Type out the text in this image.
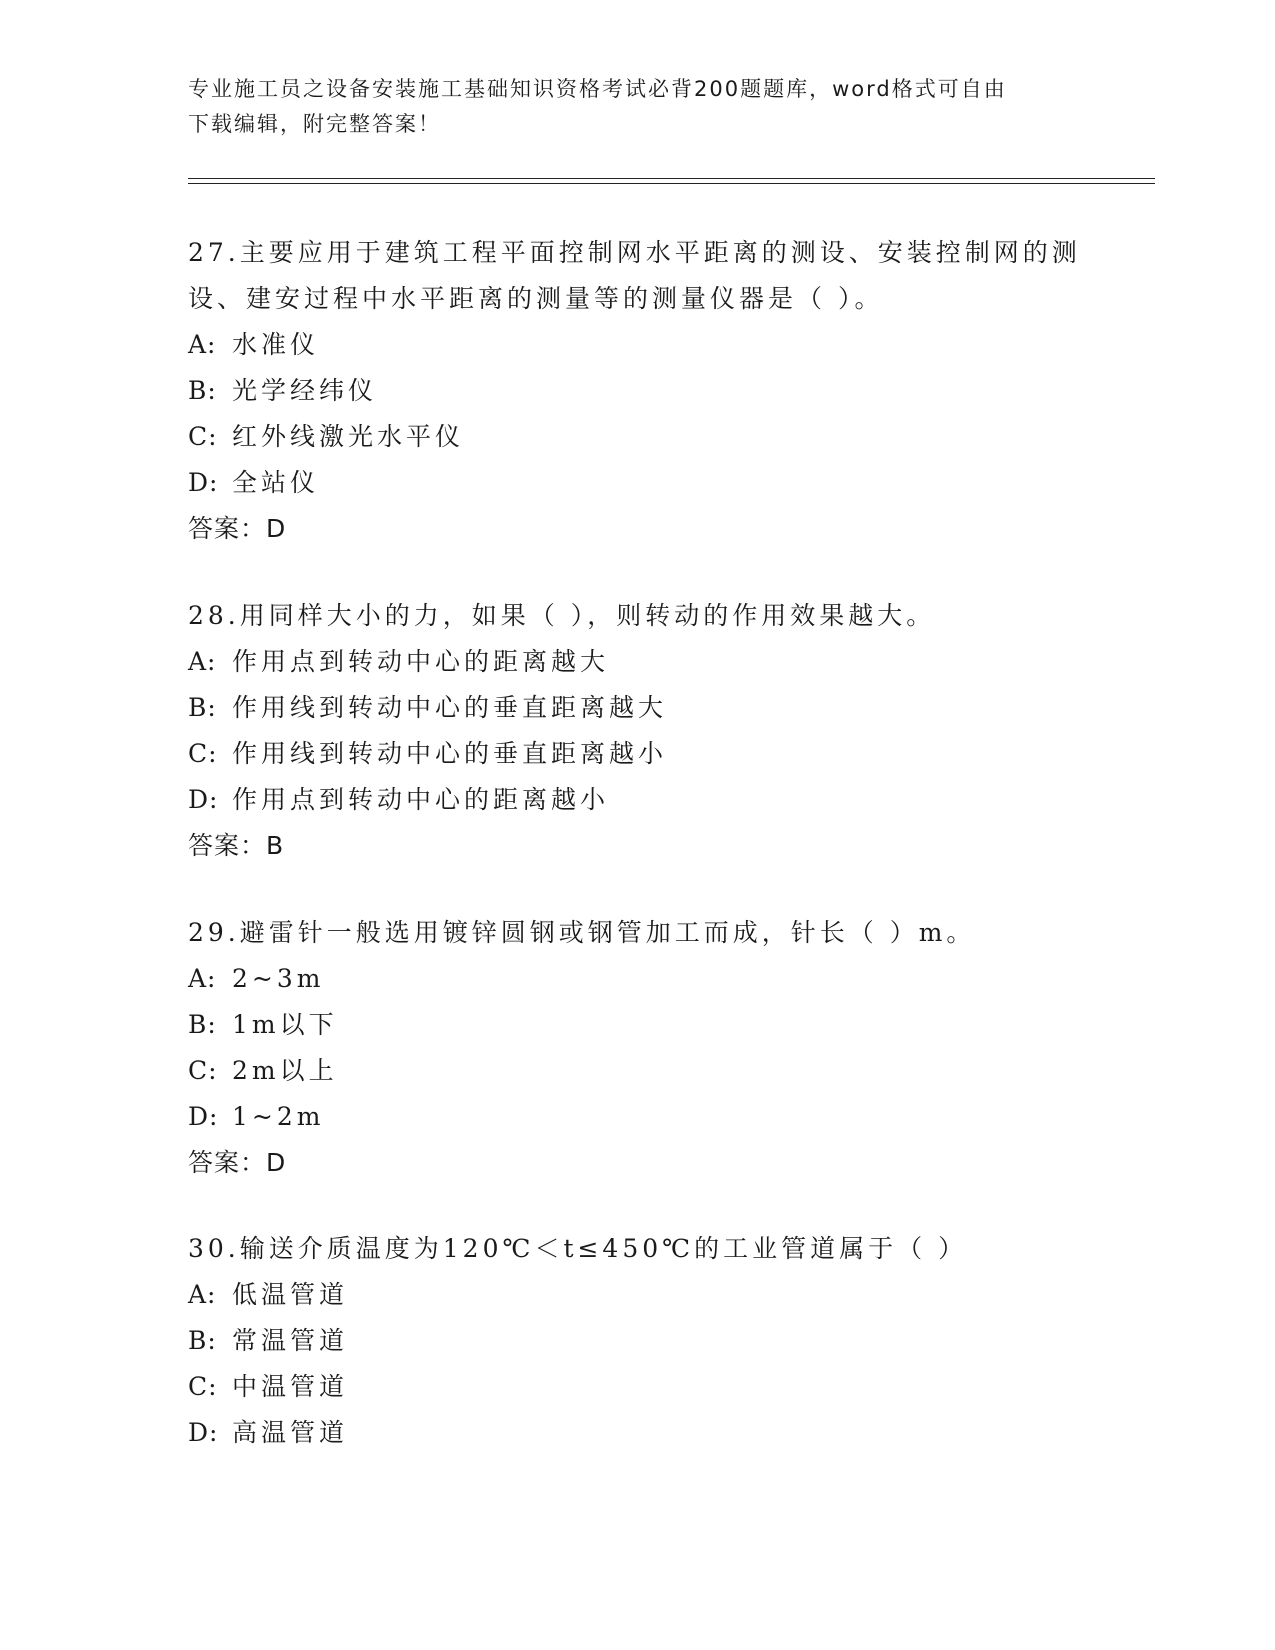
专业施工员之设备安装施工基础知识资格考试必背200题题库，word格式可自由
下载编辑，附完整答案！

27.主要应用于建筑工程平面控制网水平距离的测设、安装控制网的测

设、建安过程中水平距离的测量等的测量仪器是（ ）。

A: 水准仪

B: 光学经纬仪

C: 红外线激光水平仪

D: 全站仪

答案：D

28.用同样大小的力，如果（ ），则转动的作用效果越大。

A: 作用点到转动中心的距离越大

B: 作用线到转动中心的垂直距离越大

C: 作用线到转动中心的垂直距离越小

D: 作用点到转动中心的距离越小

答案：B

29.避雷针一般选用镀锌圆钢或钢管加工而成，针长（ ）m。

A: 2~3m

B: 1m以下

C: 2m以上

D: 1~2m

答案：D

30.输送介质温度为120℃＜t≤450℃的工业管道属于（ ）

A: 低温管道

B: 常温管道

C: 中温管道

D: 高温管道
